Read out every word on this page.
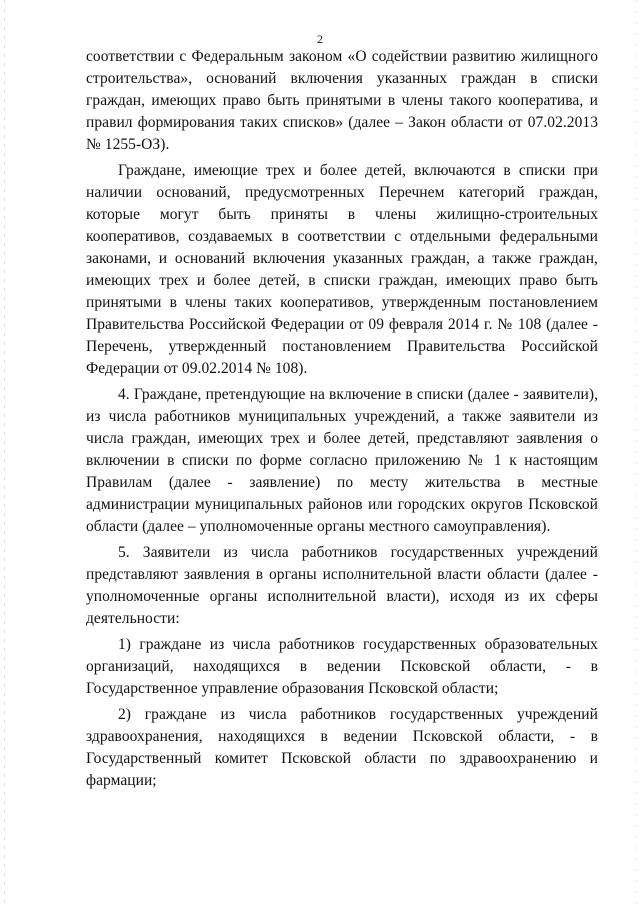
2

соответствии с Федеральным законом «О содействии развитию жилищного строительства», оснований включения указанных граждан в списки граждан, имеющих право быть принятыми в члены такого кооператива, и правил формирования таких списков» (далее – Закон области от 07.02.2013 № 1255-ОЗ).

Граждане, имеющие трех и более детей, включаются в списки при наличии оснований, предусмотренных Перечнем категорий граждан, которые могут быть приняты в члены жилищно-строительных кооперативов, создаваемых в соответствии с отдельными федеральными законами, и оснований включения указанных граждан, а также граждан, имеющих трех и более детей, в списки граждан, имеющих право быть принятыми в члены таких кооперативов, утвержденным постановлением Правительства Российской Федерации от 09 февраля 2014 г. № 108 (далее - Перечень, утвержденный постановлением Правительства Российской Федерации от 09.02.2014 № 108).

4. Граждане, претендующие на включение в списки (далее - заявители), из числа работников муниципальных учреждений, а также заявители из числа граждан, имеющих трех и более детей, представляют заявления о включении в списки по форме согласно приложению № 1 к настоящим Правилам (далее - заявление) по месту жительства в местные администрации муниципальных районов или городских округов Псковской области (далее – уполномоченные органы местного самоуправления).

5. Заявители из числа работников государственных учреждений представляют заявления в органы исполнительной власти области (далее - уполномоченные органы исполнительной власти), исходя из их сферы деятельности:

1) граждане из числа работников государственных образовательных организаций, находящихся в ведении Псковской области, - в Государственное управление образования Псковской области;

2) граждане из числа работников государственных учреждений здравоохранения, находящихся в ведении Псковской области, - в Государственный комитет Псковской области по здравоохранению и фармации;
